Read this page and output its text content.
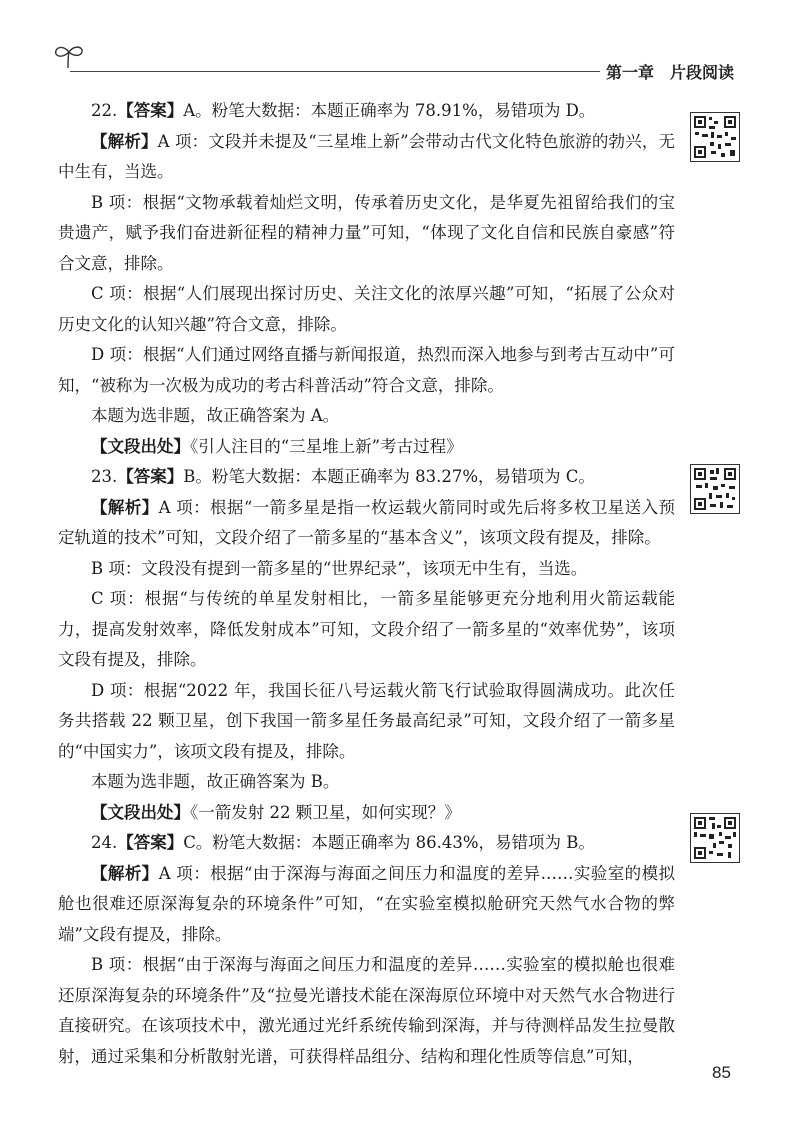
第一章 片段阅读

22.【答案】A。粉笔大数据：本题正确率为 78.91%，易错项为 D。

【解析】A 项：文段并未提及“三星堆上新”会带动古代文化特色旅游的勃兴，无中生有，当选。

B 项：根据“文物承载着灿烂文明，传承着历史文化，是华夏先祖留给我们的宝贵遗产，赋予我们奋进新征程的精神力量”可知，“体现了文化自信和民族自豪感”符合文意，排除。

C 项：根据“人们展现出探讨历史、关注文化的浓厚兴趣”可知，“拓展了公众对历史文化的认知兴趣”符合文意，排除。

D 项：根据“人们通过网络直播与新闻报道，热烈而深入地参与到考古互动中”可知，“被称为一次极为成功的考古科普活动”符合文意，排除。

本题为选非题，故正确答案为 A。

【文段出处】《引人注目的“三星堆上新”考古过程》

23.【答案】B。粉笔大数据：本题正确率为 83.27%，易错项为 C。

【解析】A 项：根据“一箭多星是指一枚运载火箭同时或先后将多枚卫星送入预定轨道的技术”可知，文段介绍了一箭多星的“基本含义”，该项文段有提及，排除。

B 项：文段没有提到一箭多星的“世界纪录”，该项无中生有，当选。

C 项：根据“与传统的单星发射相比，一箭多星能够更充分地利用火箭运载能力，提高发射效率，降低发射成本”可知，文段介绍了一箭多星的“效率优势”，该项文段有提及，排除。

D 项：根据“2022 年，我国长征八号运载火箭飞行试验取得圆满成功。此次任务共搭载 22 颗卫星，创下我国一箭多星任务最高纪录”可知，文段介绍了一箭多星的“中国实力”，该项文段有提及，排除。

本题为选非题，故正确答案为 B。

【文段出处】《一箭发射 22 颗卫星，如何实现？》

24.【答案】C。粉笔大数据：本题正确率为 86.43%，易错项为 B。

【解析】A 项：根据“由于深海与海面之间压力和温度的差异……实验室的模拟舱也很难还原深海复杂的环境条件”可知，“在实验室模拟舱研究天然气水合物的弊端”文段有提及，排除。

B 项：根据“由于深海与海面之间压力和温度的差异……实验室的模拟舱也很难还原深海复杂的环境条件”及“拉曼光谱技术能在深海原位环境中对天然气水合物进行直接研究。在该项技术中，激光通过光纤系统传输到深海，并与待测样品发生拉曼散射，通过采集和分析散射光谱，可获得样品组分、结构和理化性质等信息”可知，

85
